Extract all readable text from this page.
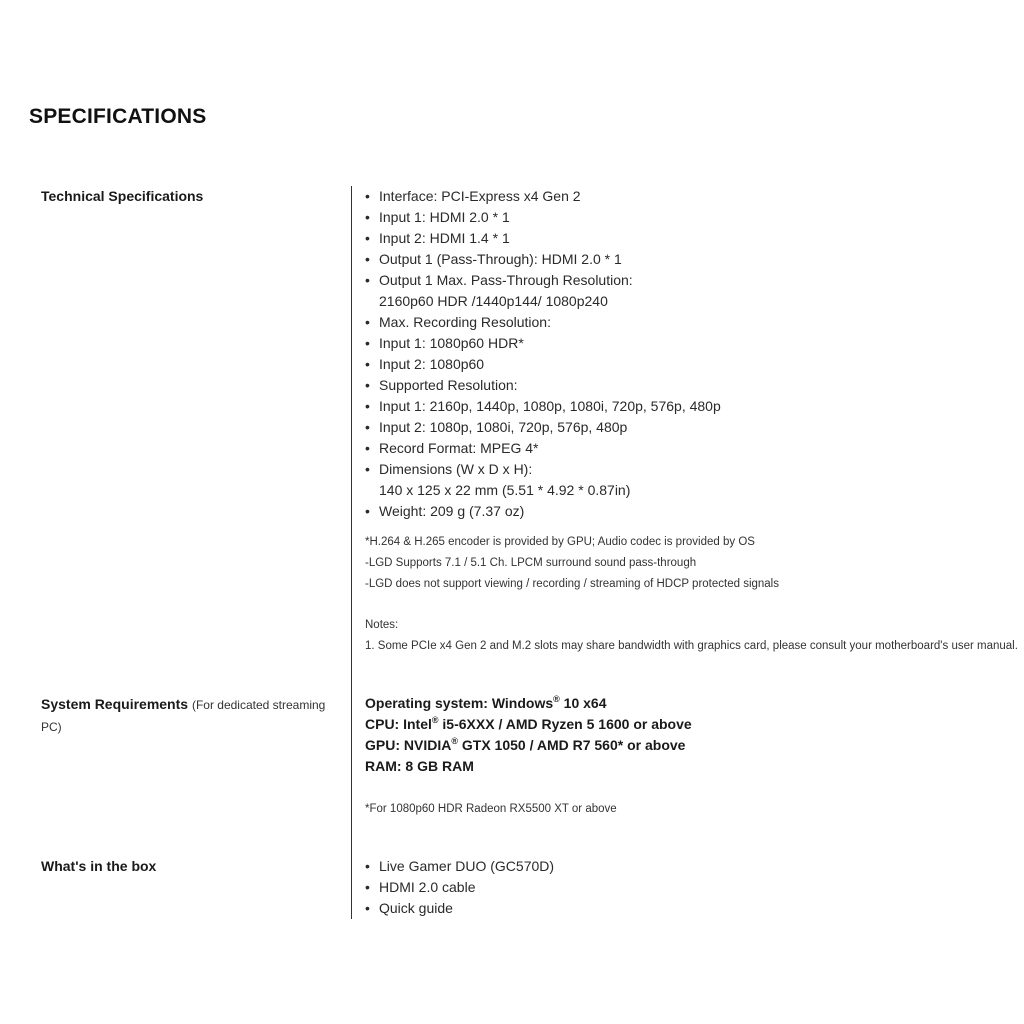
SPECIFICATIONS
Technical Specifications	• Interface: PCI-Express x4 Gen 2
• Input 1: HDMI 2.0 * 1
• Input 2: HDMI 1.4 * 1
• Output 1 (Pass-Through): HDMI 2.0 * 1
• Output 1 Max. Pass-Through Resolution:
2160p60 HDR /1440p144/ 1080p240
• Max. Recording Resolution:
• Input 1: 1080p60 HDR*
• Input 2: 1080p60
• Supported Resolution:
• Input 1: 2160p, 1440p, 1080p, 1080i, 720p, 576p, 480p
• Input 2: 1080p, 1080i, 720p, 576p, 480p
• Record Format: MPEG 4*
• Dimensions (W x D x H):
140 x 125 x 22 mm (5.51 * 4.92 * 0.87in)
• Weight: 209 g (7.37 oz)
*H.264 & H.265 encoder is provided by GPU; Audio codec is provided by OS
-LGD Supports 7.1 / 5.1 Ch. LPCM surround sound pass-through
-LGD does not support viewing / recording / streaming of HDCP protected signals
Notes:
1. Some PCIe x4 Gen 2 and M.2 slots may share bandwidth with graphics card, please consult your motherboard's user manual.
System Requirements (For dedicated streaming PC)
Operating system: Windows® 10 x64
CPU: Intel® i5-6XXX / AMD Ryzen 5 1600 or above
GPU: NVIDIA® GTX 1050 / AMD R7 560* or above
RAM: 8 GB RAM
*For 1080p60 HDR Radeon RX5500 XT or above
What's in the box	• Live Gamer DUO (GC570D)
• HDMI 2.0 cable
• Quick guide
